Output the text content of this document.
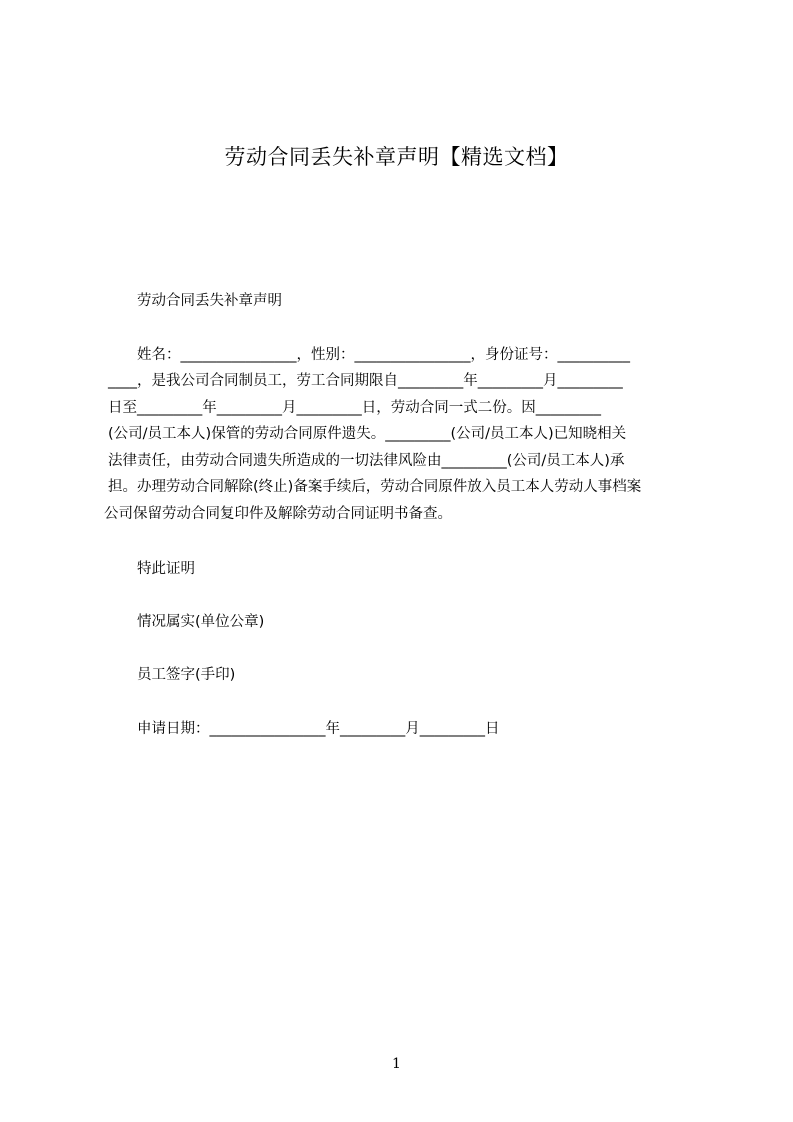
劳动合同丢失补章声明【精选文档】
劳动合同丢失补章声明
姓名：________________，性别：________________，身份证号：__________
____，是我公司合同制员工，劳工合同期限自_________年_________月_________
日至_________年_________月_________日，劳动合同一式二份。因_________
(公司/员工本人)保管的劳动合同原件遗失。_________(公司/员工本人)已知晓相关
法律责任，由劳动合同遗失所造成的一切法律风险由_________(公司/员工本人)承
担。办理劳动合同解除(终止)备案手续后，劳动合同原件放入员工本人劳动人事档案
公司保留劳动合同复印件及解除劳动合同证明书备查。
特此证明
情况属实(单位公章)
员工签字(手印)
申请日期：________________年_________月_________日
1
